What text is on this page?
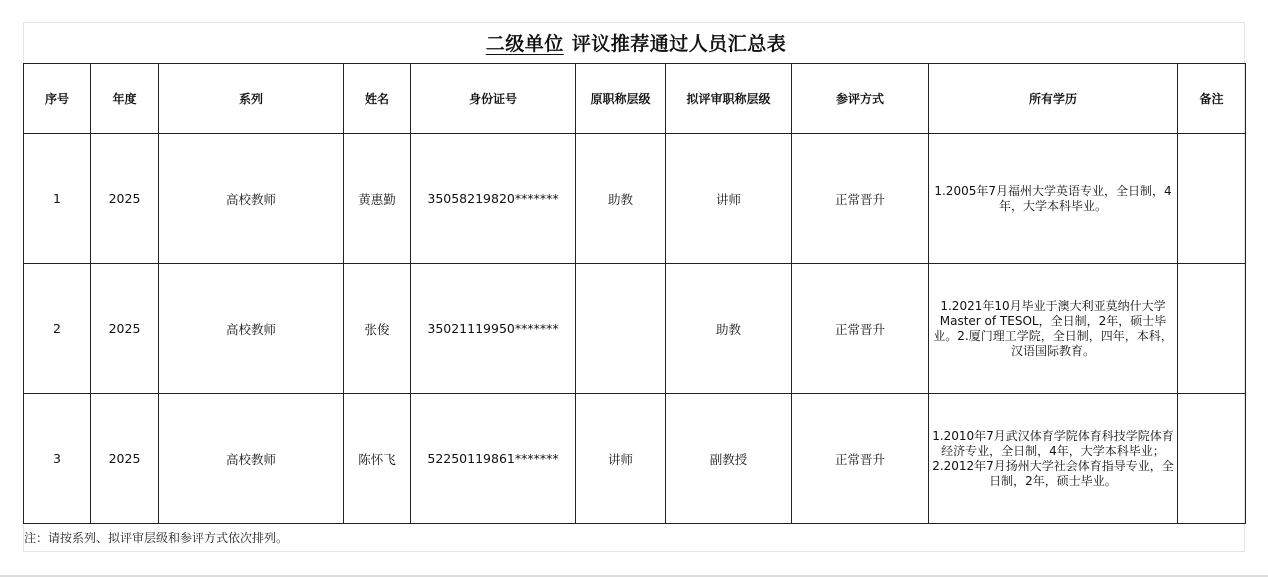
二级单位 评议推荐通过人员汇总表
序号	年度	系列	姓名	身份证号	原职称层级	拟评审职称层级	参评方式	所有学历	备注
1	2025	高校教师	黄惠勤	35058219820*******	助教	讲师	正常晋升	1.2005年7月福州大学英语专业，全日制，4年，大学本科毕业。	
2	2025	高校教师	张俊	35021119950*******		助教	正常晋升	1.2021年10月毕业于澳大利亚莫纳什大学Master of TESOL，全日制，2年，硕士毕业。2.厦门理工学院，全日制，四年，本科，汉语国际教育。	
3	2025	高校教师	陈怀飞	52250119861*******	讲师	副教授	正常晋升	1.2010年7月武汉体育学院体育科技学院体育经济专业，全日制，4年，大学本科毕业；2.2012年7月扬州大学社会体育指导专业，全日制，2年，硕士毕业。	
注：请按系列、拟评审层级和参评方式依次排列。
